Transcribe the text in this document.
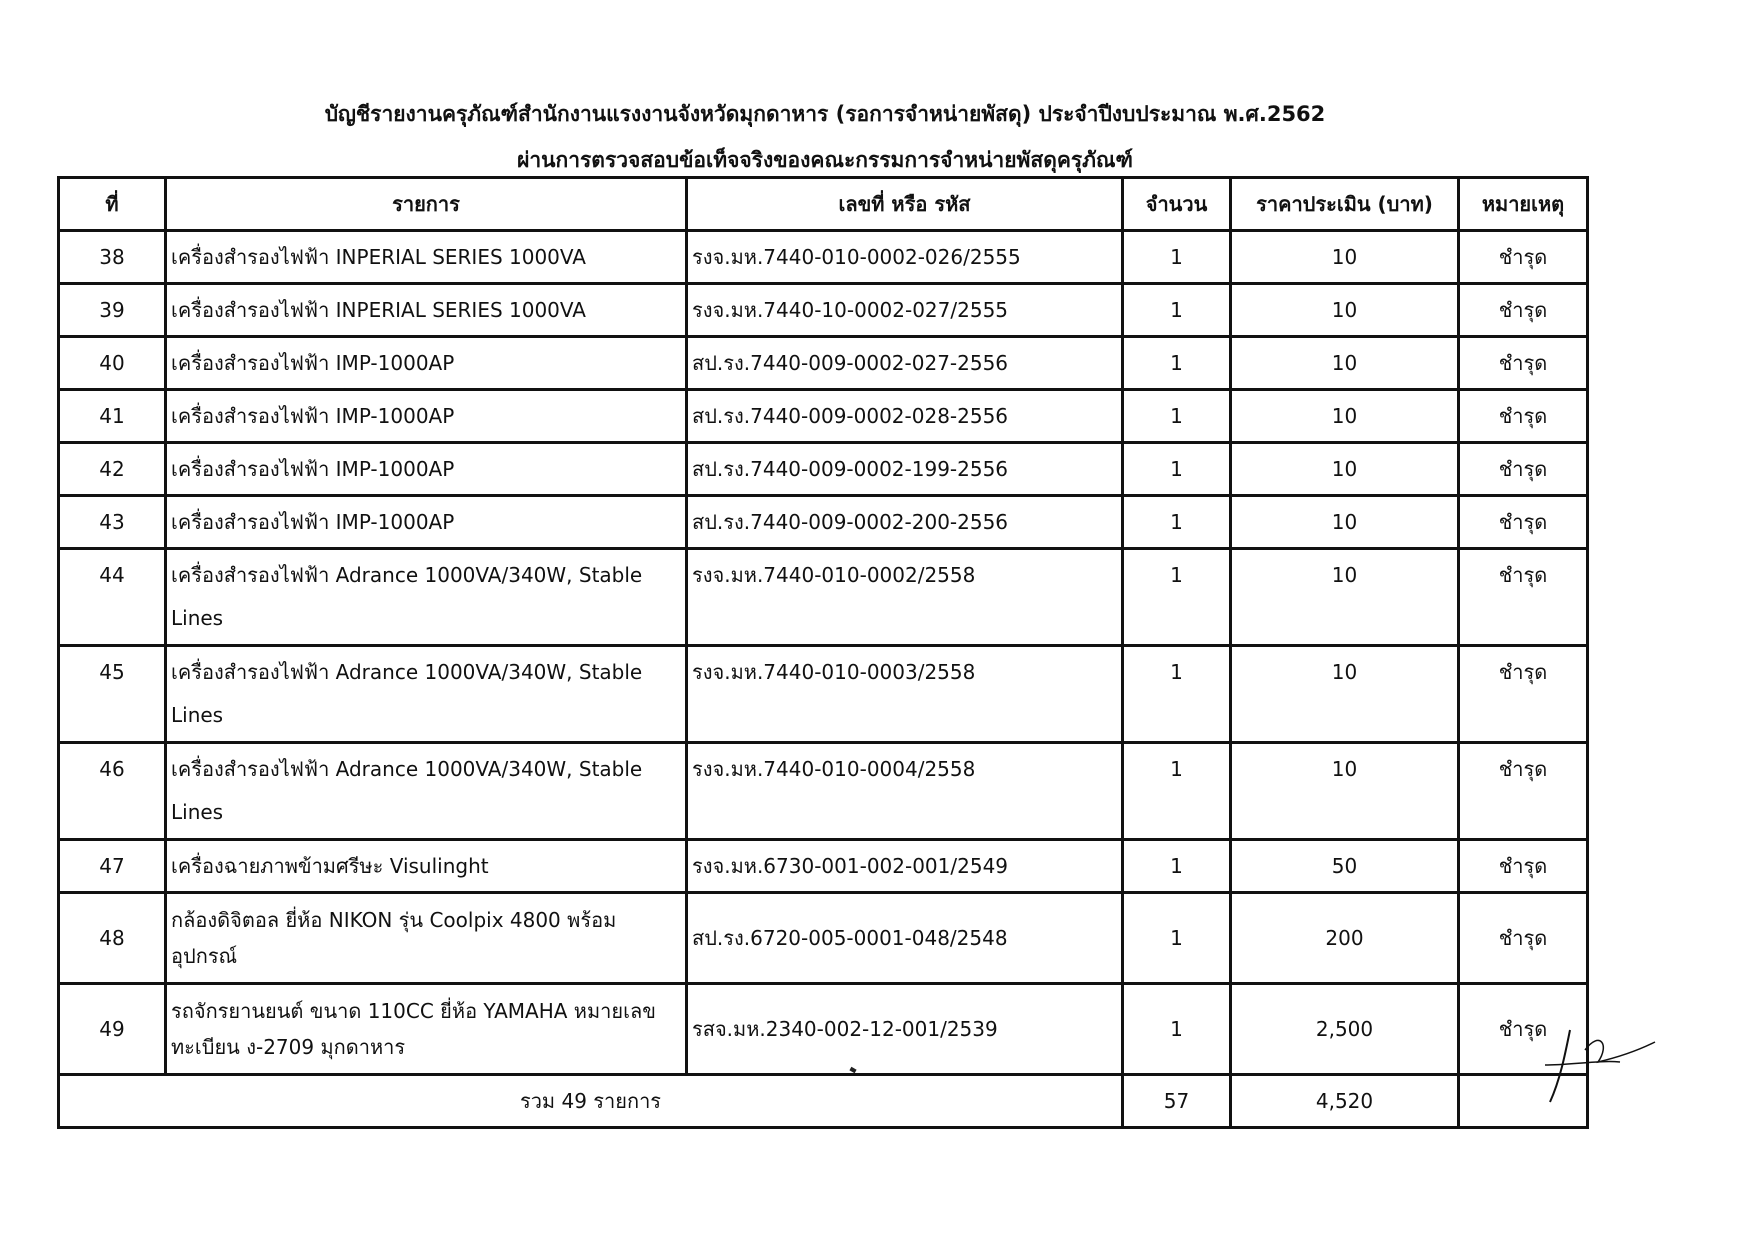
บัญชีรายงานครุภัณฑ์สำนักงานแรงงานจังหวัดมุกดาหาร (รอการจำหน่ายพัสดุ) ประจำปีงบประมาณ พ.ศ.2562
ผ่านการตรวจสอบข้อเท็จจริงของคณะกรรมการจำหน่ายพัสดุครุภัณฑ์
ที่	รายการ	เลขที่ หรือ รหัส	จำนวน	ราคาประเมิน (บาท)	หมายเหตุ
38	เครื่องสำรองไฟฟ้า INPERIAL SERIES 1000VA	รงจ.มห.7440-010-0002-026/2555	1	10	ชำรุด
39	เครื่องสำรองไฟฟ้า INPERIAL SERIES 1000VA	รงจ.มห.7440-10-0002-027/2555	1	10	ชำรุด
40	เครื่องสำรองไฟฟ้า IMP-1000AP	สป.รง.7440-009-0002-027-2556	1	10	ชำรุด
41	เครื่องสำรองไฟฟ้า IMP-1000AP	สป.รง.7440-009-0002-028-2556	1	10	ชำรุด
42	เครื่องสำรองไฟฟ้า IMP-1000AP	สป.รง.7440-009-0002-199-2556	1	10	ชำรุด
43	เครื่องสำรองไฟฟ้า IMP-1000AP	สป.รง.7440-009-0002-200-2556	1	10	ชำรุด
44	เครื่องสำรองไฟฟ้า Adrance 1000VA/340W, Stable Lines	รงจ.มห.7440-010-0002/2558	1	10	ชำรุด
45	เครื่องสำรองไฟฟ้า Adrance 1000VA/340W, Stable Lines	รงจ.มห.7440-010-0003/2558	1	10	ชำรุด
46	เครื่องสำรองไฟฟ้า Adrance 1000VA/340W, Stable Lines	รงจ.มห.7440-010-0004/2558	1	10	ชำรุด
47	เครื่องฉายภาพข้ามศรีษะ Visulinght	รงจ.มห.6730-001-002-001/2549	1	50	ชำรุด
48	กล้องดิจิตอล ยี่ห้อ NIKON รุ่น Coolpix 4800 พร้อม อุปกรณ์	สป.รง.6720-005-0001-048/2548	1	200	ชำรุด
49	รถจักรยานยนต์ ขนาด 110CC ยี่ห้อ YAMAHA หมายเลข ทะเบียน ง-2709 มุกดาหาร	รสจ.มห.2340-002-12-001/2539	1	2,500	ชำรุด
รวม 49 รายการ			57	4,520	
